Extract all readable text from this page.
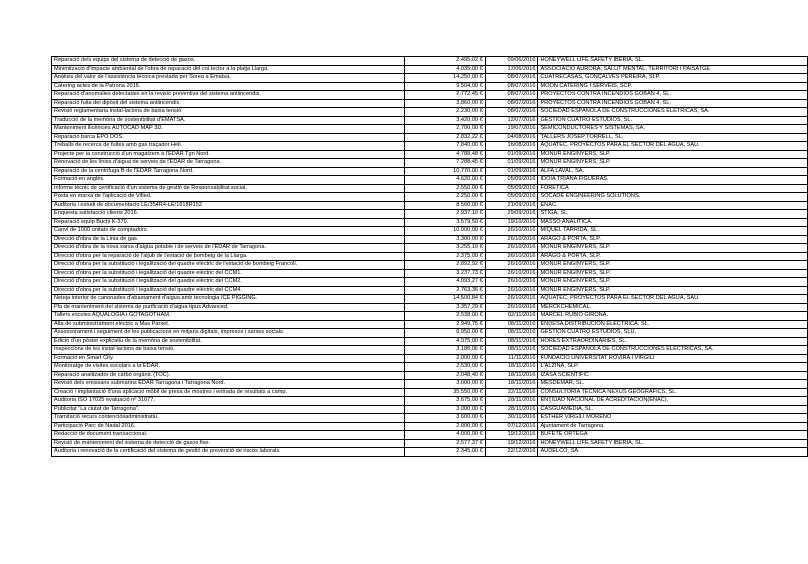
Reparació dels equips del sistema de detecció de gasos.	2.495,02 €	09/06/2016	HONEYWELL LIFE SAFETY IBERIA, SL.
Minimització d'impacte ambiental de l'obra de reparació del col·lector a la platja Llarga.	4.035,00 €	17/06/2016	ASSOCIACIÓ AURORA, SALUT MENTAL, TERRITORI I PAISATGE
Anàlisis del valor de l'assistència tècnica prestada per Sorea a Ematsa.	14.250,00 €	08/07/2016	CUATRECASAS, GONÇALVES PEREIRA, SLP.
Catering actes de la Patrona 2016.	9.504,00 €	08/07/2016	MOON CATERING I SERVEIS, SCP.
Reparació d'anomalies detectades en la revisió preventiva del sistema antiincendis.	2.772,45 €	08/07/2016	PROYECTOS CONTRA INCENDIOS GOBAN 4, SL.
Reparació fuita del dipòsit del sistema antiincendis.	3.860,00 €	08/07/2016	PROYECTOS CONTRA INCENDIOS GOBAN 4, SL.
Revisió reglamentaria instal·lacions de baixa tensió	2.230,00 €	08/07/2016	SOCIEDAD ESPAÑOLA DE CONSTRUCCIONES ELÉTRICAS, SA.
Traducció de la memòria de sostenibilitat d'EMATSA.	3.420,00 €	12/07/2016	GESTIÓN CUATRO ESTUDIOS, SL.
Manteniment llicències AUTOCAD MAP 3D.	2.700,00 €	19/07/2016	SEMICONDUCTORES Y SISTEMAS, SA.
Reparació barca EPO DOS.	2.832,22 €	04/08/2016	TALLERS JOSEP TORRELL, SL.
Treballs de recerca de fuites amb gas traçador Heli.	7.840,00 €	16/08/2016	AQUATEC, PROYECTOS PARA EL SECTOR DEL AGUA, SAU.
Projecte per la construcció d'un magatzem a l'EDAR Tgn Nord.	4.788,48 €	01/09/2016	MONUR ENGINYERS, SLP.
Renovació de les línies d'aigua de serveis de l'EDAR de Tarragona.	7.288,45 €	01/09/2016	MONUR ENGINYERS, SLP.
Reparació de la centrifuga B de l'EDAR Tarragona Nord.	10.770,00 €	01/09/2016	ALFA LAVAL, SA.
Formació en anglès.	4.620,00 €	05/09/2016	IDOIA TRIANA FIGUERAS.
Informe tècnic de certificació d'un sistema de gestió de Responsabilitat social.	2.550,00 €	05/09/2016	FORÈTICA
Posta en marxa de l'aplicació de Vified.	2.250,00 €	05/09/2016	SOCADE ENGINEERING SOLUTIONS.
Auditoria i estudi de documentació LE/354R4-LE/1618R152	8.560,00 €	21/09/2016	ENAC.
Enquesta satisfacció clients 2016.	2.937,10 €	29/09/2016	STIGA, SL.
Reparació equip Buchi K-370.	3.579,50 €	19/10/2016	MASSÓ ANALÍTICA.
Canvi de 1000 unitats de comptadors.	10.000,00 €	26/10/2016	MIQUEL TARRIDA, SL.
Direcció d'obra de la Línia de gas.	3.300,00 €	26/10/2016	ARAGÓ & PORTA, SLP.
Direcció d'obra de la nova xarxa d'aigua potable i de serveis de l'EDAR de Tarragona.	3.255,10 €	26/10/2016	MONUR ENGINYERS, SLP.
Direcció d'obra per la reparació de l'aljub de l'estació de bombeig de la Llarga.	2.375,00 €	26/10/2016	ARAGÓ & PORTA, SLP.
Direcció d'obra per la substitució i legalització del quadre elèctric de l'estació de bombeig Francolí.	2.892,92 €	26/10/2016	MONUR ENGINYERS, SLP.
Direcció d'obra per la substitució i legalització del quadre elèctric del CCM1.	3.237,73 €	26/10/2016	MONUR ENGINYERS, SLP.
Direcció d'obra per la substitució i legalització del quadre elèctric del CCM2.	4.093,27 €	26/10/2016	MONUR ENGINYERS, SLP.
Direcció d'obra per la substitució i legalització del quadre elèctric del CCM4.	2.763,36 €	26/10/2016	MONUR ENGINYERS, SLP.
Neteja interior de canonades d'abastament d'aigua amb tecnologia ICE PIGGING.	14.500,84 €	26/10/2016	AQUATEC, PROYECTOS PARA EL SECTOR DEL AGUA, SAU.
Pla de manteniment del sistema de purificació d'aigua tipus Advanced.	3.357,29 €	26/10/2016	MERCKCHEMICAL.
Tallers escoles AQUALOGIA i GOTAGOTHAM.	2.538,00 €	02/11/2016	MARCEL RUBIO GIRONA.
Alta de subministrament elèctric a Mas Parxet.	2.949,75 €	08/11/2016	ENDESA DISTRIBUCIÓN ELÉCTRICA, SL.
Assessorament i seguiment de les publicacions en mitjans digitals, impresos i xarxes socials.	6.950,00 €	08/11/2016	GESTIÓN CUATRO ESTUDIOS, SLU.
Edició d'un pòster explicatiu de la memòria de sostenibilitat.	4.975,00 €	08/11/2016	HORES EXTRAORDINÀRIES, SL.
Inspeccions de les instal·lacions de baixa tensió.	3.186,06 €	08/11/2016	SOCIEDAD ESPAÑOLA DE CONSTRUCCIONES ELÉCTRICAS, SA.
Formació en Smart City.	2.000,00 €	11/11/2016	FUNDACIÓ UNIVERSITAT ROVIRA I VIRGILI
Monitoratge de visites escolars a la EDAR.	2.530,00 €	18/11/2016	L'ALZINA, SLP.
Reparació analitzador de carbó orgànic (TOC).	2.048,40 €	18/11/2016	IZASA SCIENTIFIC
Revisió dels emissaris submarins EDAR Tarragona i Tarragona Nord.	3.000,00 €	18/11/2016	MESDEMAR, SL.
Creació i implantació d'una aplicació mòbil de presa de mostres i entrada de resultats a camp.	35.550,00 €	22/11/2016	CONSULTORIA TECNICA NEXUS GEOGRAFICS, SL.
Auditoria ISO 17025 evaluació nº 31077.	3.675,00 €	28/11/2016	ENTIDAD NACIONAL DE ACREDITACIÓN(ENAC).
Publicitat "La ciutat de Tarragona".	3.000,00 €	28/11/2016	CASGUAMEDIA, SL.
Tramitació recurs contenciósadministratiu.	3.600,00 €	30/11/2016	ESTHER VIRGILI MORENO
Participació Parc de Nadal 2016.	2.000,00 €	07/12/2016	Ajuntament de Tarragona.
Redacció de document transaccional.	4.000,00 €	19/12/2016	BUFETE ORTEGA
Revisió de manteniment del sistema de detecció de gasos fixe.	2.577,37 €	19/12/2016	HONEYWELL LIFE SAFETY IBERIA, SL.
Auditoria i renovació de la certificació del sistema de gestió de prevenció de riscos laborals.	2.345,00 €	22/12/2016	AUDELCO, SA.
